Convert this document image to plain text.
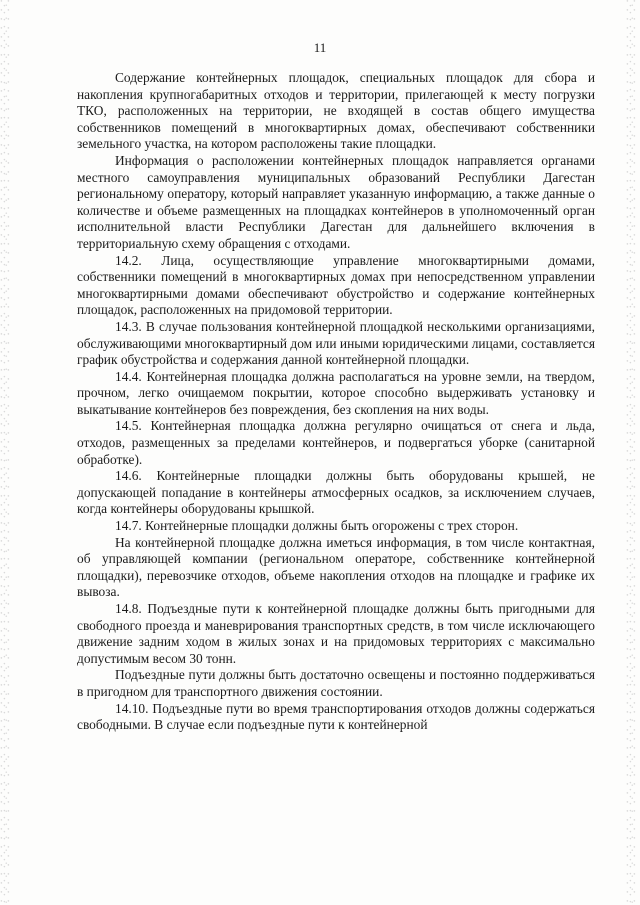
11

Содержание контейнерных площадок, специальных площадок для сбора и накопления крупногабаритных отходов и территории, прилегающей к месту погрузки ТКО, расположенных на территории, не входящей в состав общего имущества собственников помещений в многоквартирных домах, обеспечивают собственники земельного участка, на котором расположены такие площадки.

Информация о расположении контейнерных площадок направляется органами местного самоуправления муниципальных образований Республики Дагестан региональному оператору, который направляет указанную информацию, а также данные о количестве и объеме размещенных на площадках контейнеров в уполномоченный орган исполнительной власти Республики Дагестан для дальнейшего включения в территориальную схему обращения с отходами.

14.2. Лица, осуществляющие управление многоквартирными домами, собственники помещений в многоквартирных домах при непосредственном управлении многоквартирными домами обеспечивают обустройство и содержание контейнерных площадок, расположенных на придомовой территории.

14.3. В случае пользования контейнерной площадкой несколькими организациями, обслуживающими многоквартирный дом или иными юридическими лицами, составляется график обустройства и содержания данной контейнерной площадки.

14.4. Контейнерная площадка должна располагаться на уровне земли, на твердом, прочном, легко очищаемом покрытии, которое способно выдерживать установку и выкатывание контейнеров без повреждения, без скопления на них воды.

14.5. Контейнерная площадка должна регулярно очищаться от снега и льда, отходов, размещенных за пределами контейнеров, и подвергаться уборке (санитарной обработке).

14.6. Контейнерные площадки должны быть оборудованы крышей, не допускающей попадание в контейнеры атмосферных осадков, за исключением случаев, когда контейнеры оборудованы крышкой.

14.7. Контейнерные площадки должны быть огорожены с трех сторон.

На контейнерной площадке должна иметься информация, в том числе контактная, об управляющей компании (региональном операторе, собственнике контейнерной площадки), перевозчике отходов, объеме накопления отходов на площадке и графике их вывоза.

14.8. Подъездные пути к контейнерной площадке должны быть пригодными для свободного проезда и маневрирования транспортных средств, в том числе исключающего движение задним ходом в жилых зонах и на придомовых территориях с максимально допустимым весом 30 тонн.

Подъездные пути должны быть достаточно освещены и постоянно поддерживаться в пригодном для транспортного движения состоянии.

14.10. Подъездные пути во время транспортирования отходов должны содержаться свободными. В случае если подъездные пути к контейнерной
